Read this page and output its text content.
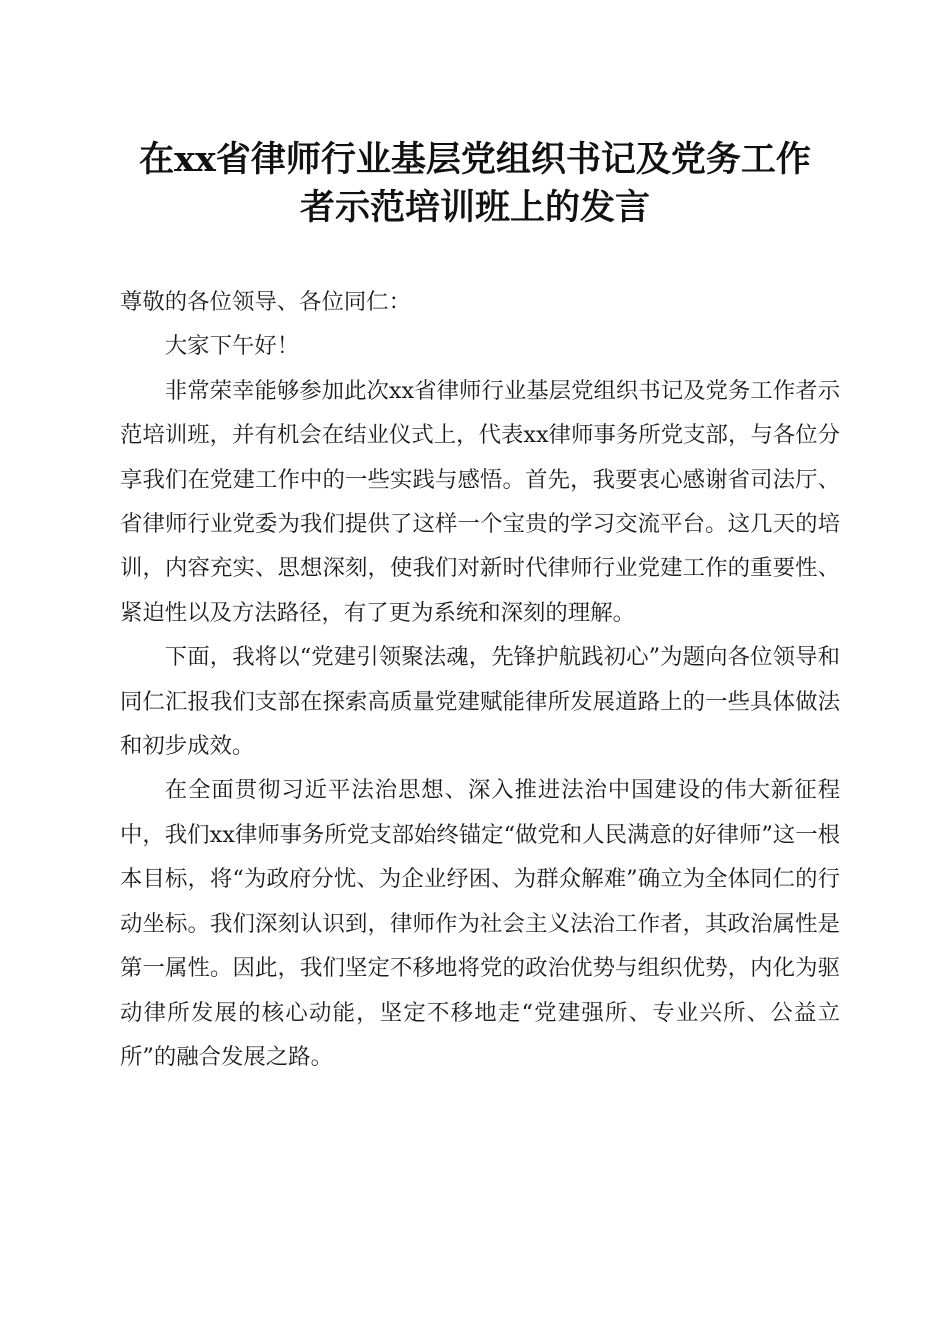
在xx省律师行业基层党组织书记及党务工作
者示范培训班上的发言

尊敬的各位领导、各位同仁：

大家下午好！

非常荣幸能够参加此次xx省律师行业基层党组织书记及党务工作者示范培训班，并有机会在结业仪式上，代表xx律师事务所党支部，与各位分享我们在党建工作中的一些实践与感悟。首先，我要衷心感谢省司法厅、省律师行业党委为我们提供了这样一个宝贵的学习交流平台。这几天的培训，内容充实、思想深刻，使我们对新时代律师行业党建工作的重要性、紧迫性以及方法路径，有了更为系统和深刻的理解。

下面，我将以“党建引领聚法魂，先锋护航践初心”为题向各位领导和同仁汇报我们支部在探索高质量党建赋能律所发展道路上的一些具体做法和初步成效。

在全面贯彻习近平法治思想、深入推进法治中国建设的伟大新征程中，我们xx律师事务所党支部始终锚定“做党和人民满意的好律师”这一根本目标，将“为政府分忧、为企业纾困、为群众解难”确立为全体同仁的行动坐标。我们深刻认识到，律师作为社会主义法治工作者，其政治属性是第一属性。因此，我们坚定不移地将党的政治优势与组织优势，内化为驱动律所发展的核心动能，坚定不移地走“党建强所、专业兴所、公益立所”的融合发展之路。
